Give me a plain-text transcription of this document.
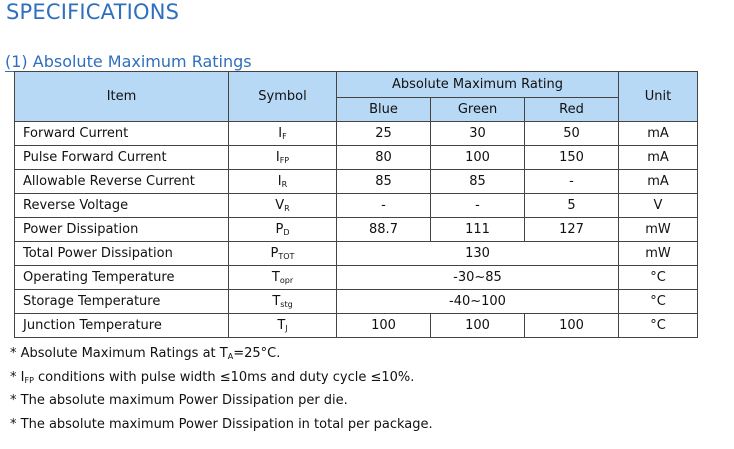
SPECIFICATIONS
(1) Absolute Maximum Ratings
Item	Symbol	Absolute Maximum Rating			Unit
		Blue	Green	Red	
Forward Current	$I_F$	25	30	50	mA
Pulse Forward Current	$I_{FP}$	80	100	150	mA
Allowable Reverse Current	$I_R$	85	85	-	mA
Reverse Voltage	$V_R$	-	-	5	V
Power Dissipation	$P_D$	88.7	111	127	mW
Total Power Dissipation	$P_{TOT}$	130			mW
Operating Temperature	$T_{opr}$	-30~85			°C
Storage Temperature	$T_{stg}$	-40~100			°C
Junction Temperature	$T_J$	100	100	100	°C
* Absolute Maximum Ratings at $T_A=25^\circ C$.
* $I_{FP}$ conditions with pulse width ≤10ms and duty cycle ≤10%.
* The absolute maximum Power Dissipation per die.
* The absolute maximum Power Dissipation in total per package.
